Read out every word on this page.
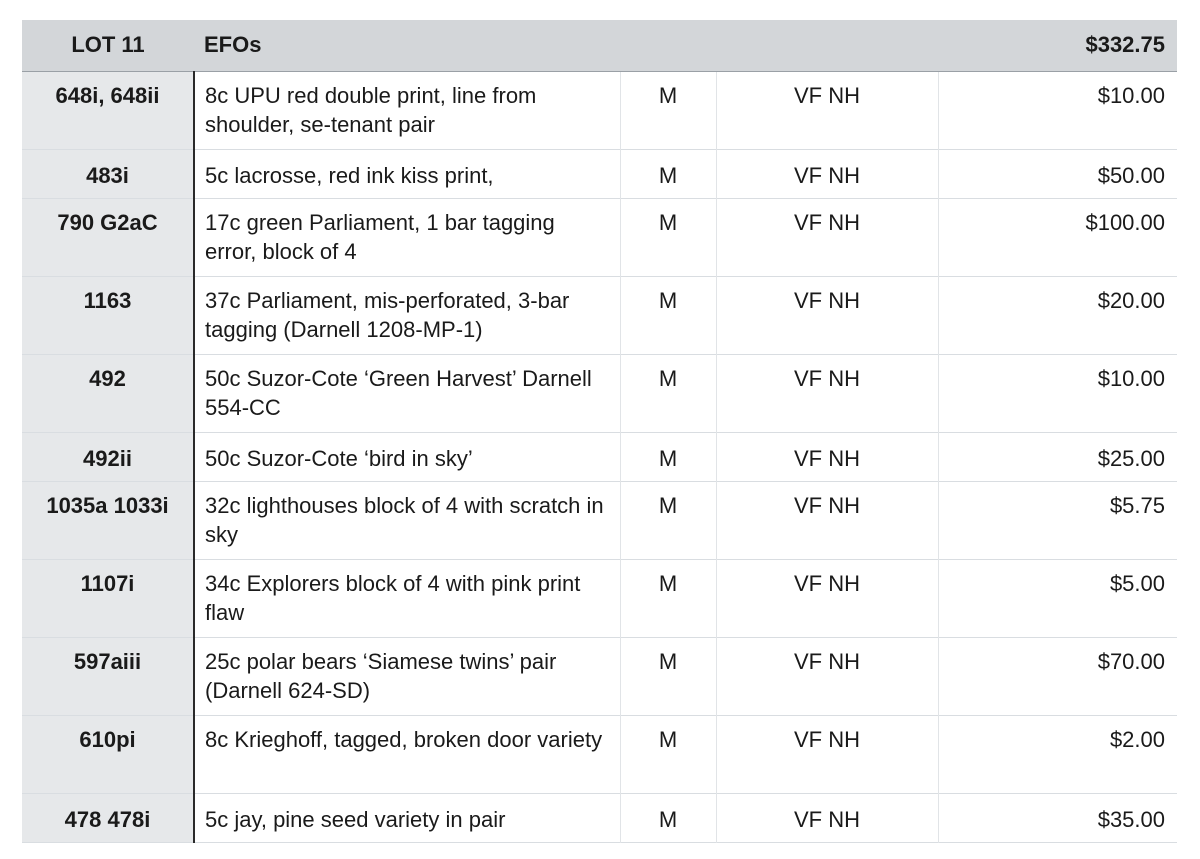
LOT 11	EFOs			$332.75
648i, 648ii	8c UPU red double print, line from shoulder, se-tenant pair	M	VF NH	$10.00
483i	5c lacrosse, red ink kiss print,	M	VF NH	$50.00
790 G2aC	17c green Parliament, 1 bar tagging error, block of 4	M	VF NH	$100.00
1163	37c Parliament, mis-perforated, 3-bar tagging (Darnell 1208-MP-1)	M	VF NH	$20.00
492	50c Suzor-Cote ‘Green Harvest’ Darnell 554-CC	M	VF NH	$10.00
492ii	50c Suzor-Cote ‘bird in sky’	M	VF NH	$25.00
1035a 1033i	32c lighthouses block of 4 with scratch in sky	M	VF NH	$5.75
1107i	34c Explorers block of 4 with pink print flaw	M	VF NH	$5.00
597aiii	25c polar bears ‘Siamese twins’ pair (Darnell 624-SD)	M	VF NH	$70.00
610pi	8c Krieghoff, tagged, broken door variety	M	VF NH	$2.00
478 478i	5c jay, pine seed variety in pair	M	VF NH	$35.00
